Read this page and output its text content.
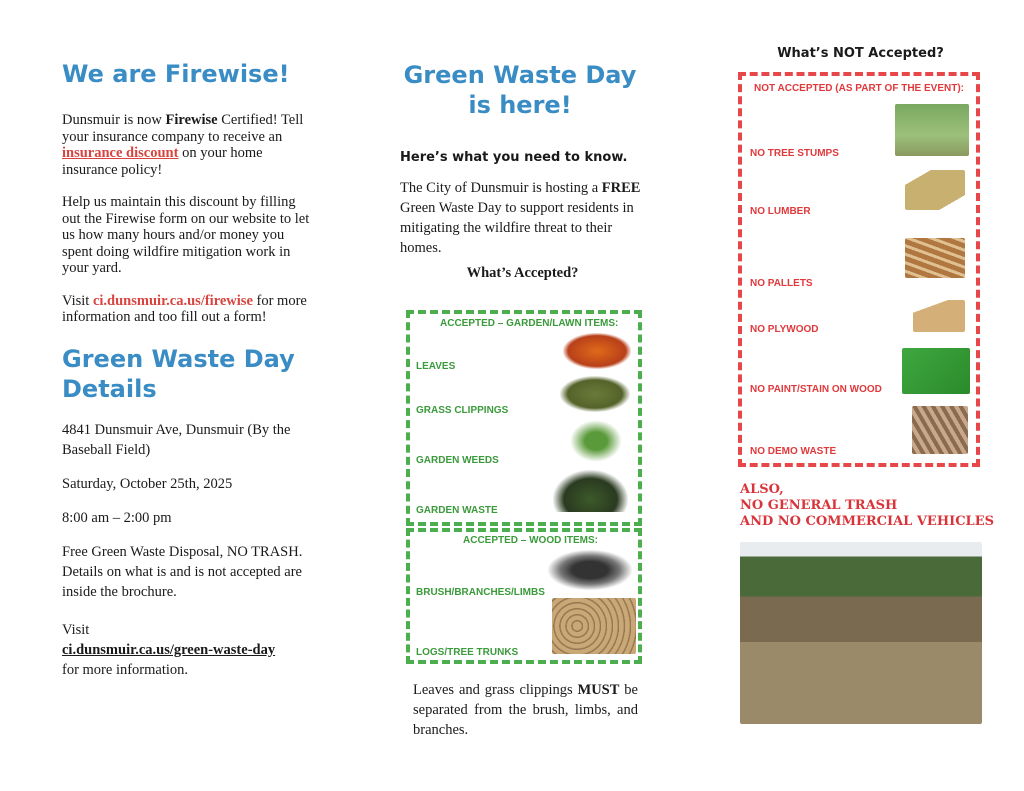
We are Firewise!

Dunsmuir is now Firewise Certified! Tell your insurance company to receive an insurance discount on your home insurance policy!

Help us maintain this discount by filling out the Firewise form on our website to let us how many hours and/or money you spent doing wildfire mitigation work in your yard.

Visit ci.dunsmuir.ca.us/firewise for more information and too fill out a form!

Green Waste Day Details

4841 Dunsmuir Ave, Dunsmuir (By the Baseball Field)

Saturday, October 25th, 2025

8:00 am – 2:00 pm

Free Green Waste Disposal, NO TRASH. Details on what is and is not accepted are inside the brochure.

Visit
ci.dunsmuir.ca.us/green-waste-day
for more information.
Green Waste Day
is here!
Here’s what you need to know.
The City of Dunsmuir is hosting a FREE Green Waste Day to support residents in mitigating the wildfire threat to their homes.
What’s Accepted?
ACCEPTED – GARDEN/LAWN ITEMS:
LEAVES
GRASS CLIPPINGS
GARDEN WEEDS
GARDEN WASTE
ACCEPTED – WOOD ITEMS:
BRUSH/BRANCHES/LIMBS
LOGS/TREE TRUNKS
Leaves and grass clippings MUST be separated from the brush, limbs, and branches.
What’s NOT Accepted?
NOT ACCEPTED (AS PART OF THE EVENT):
NO TREE STUMPS
NO LUMBER
NO PALLETS
NO PLYWOOD
NO PAINT/STAIN ON WOOD
NO DEMO WASTE
ALSO,
NO GENERAL TRASH
AND NO COMMERCIAL VEHICLES
